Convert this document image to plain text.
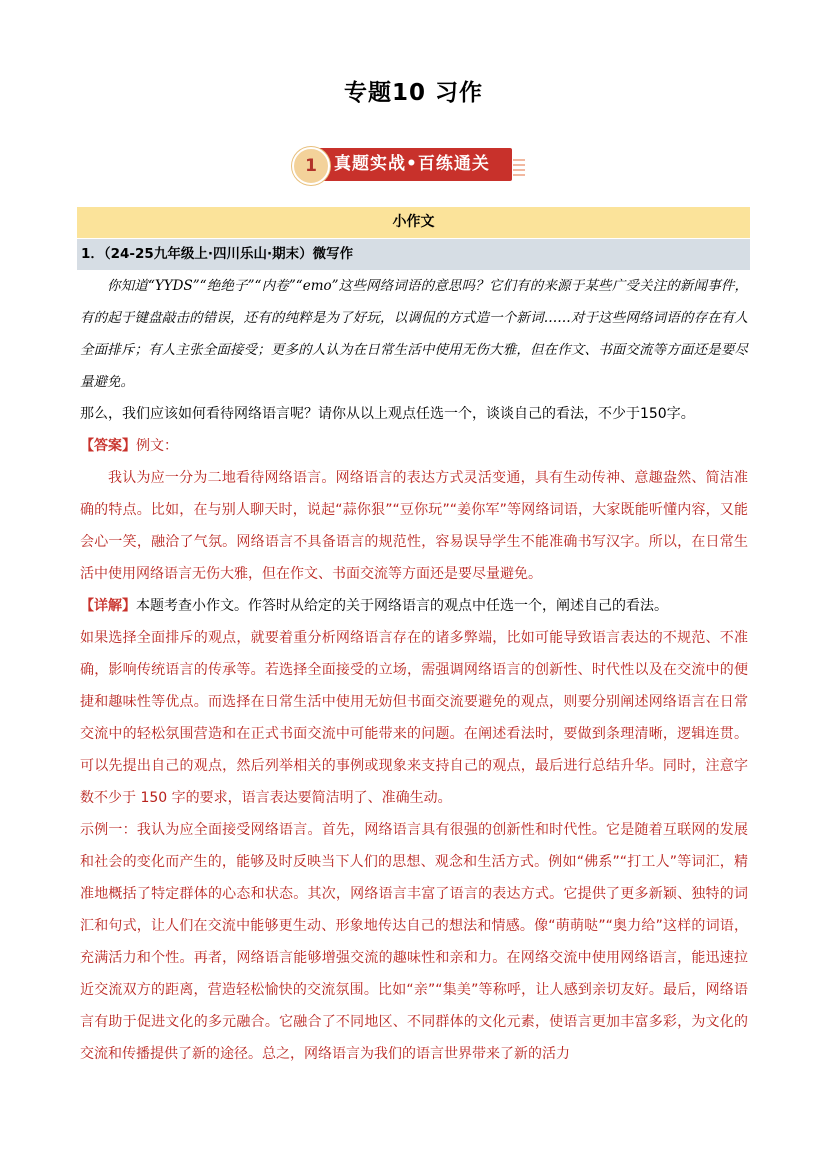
专题10 习作
1	真题实战•百练通关
小作文
1．（24-25九年级上·四川乐山·期末）微写作

你知道“YYDS”“绝绝子”“内卷”“emo”这些网络词语的意思吗？它们有的来源于某些广受关注的新闻事件，有的起于键盘敲击的错误，还有的纯粹是为了好玩，以调侃的方式造一个新词……对于这些网络词语的存在有人全面排斥；有人主张全面接受；更多的人认为在日常生活中使用无伤大雅，但在作文、书面交流等方面还是要尽量避免。

那么，我们应该如何看待网络语言呢？请你从以上观点任选一个，谈谈自己的看法，不少于150字。

【答案】例文：

我认为应一分为二地看待网络语言。网络语言的表达方式灵活变通，具有生动传神、意趣盎然、简洁准确的特点。比如，在与别人聊天时，说起“蒜你狠”“豆你玩”“姜你军”等网络词语，大家既能听懂内容，又能会心一笑，融洽了气氛。网络语言不具备语言的规范性，容易误导学生不能准确书写汉字。所以，在日常生活中使用网络语言无伤大雅，但在作文、书面交流等方面还是要尽量避免。

【详解】本题考查小作文。作答时从给定的关于网络语言的观点中任选一个，阐述自己的看法。

如果选择全面排斥的观点，就要着重分析网络语言存在的诸多弊端，比如可能导致语言表达的不规范、不准确，影响传统语言的传承等。若选择全面接受的立场，需强调网络语言的创新性、时代性以及在交流中的便捷和趣味性等优点。而选择在日常生活中使用无妨但书面交流要避免的观点，则要分别阐述网络语言在日常交流中的轻松氛围营造和在正式书面交流中可能带来的问题。在阐述看法时，要做到条理清晰，逻辑连贯。可以先提出自己的观点，然后列举相关的事例或现象来支持自己的观点，最后进行总结升华。同时，注意字数不少于 150 字的要求，语言表达要简洁明了、准确生动。

示例一：我认为应全面接受网络语言。首先，网络语言具有很强的创新性和时代性。它是随着互联网的发展和社会的变化而产生的，能够及时反映当下人们的思想、观念和生活方式。例如“佛系”“打工人”等词汇，精准地概括了特定群体的心态和状态。其次，网络语言丰富了语言的表达方式。它提供了更多新颖、独特的词汇和句式，让人们在交流中能够更生动、形象地传达自己的想法和情感。像“萌萌哒”“奥力给”这样的词语，充满活力和个性。再者，网络语言能够增强交流的趣味性和亲和力。在网络交流中使用网络语言，能迅速拉近交流双方的距离，营造轻松愉快的交流氛围。比如“亲”“集美”等称呼，让人感到亲切友好。最后，网络语言有助于促进文化的多元融合。它融合了不同地区、不同群体的文化元素，使语言更加丰富多彩，为文化的交流和传播提供了新的途径。总之，网络语言为我们的语言世界带来了新的活力
